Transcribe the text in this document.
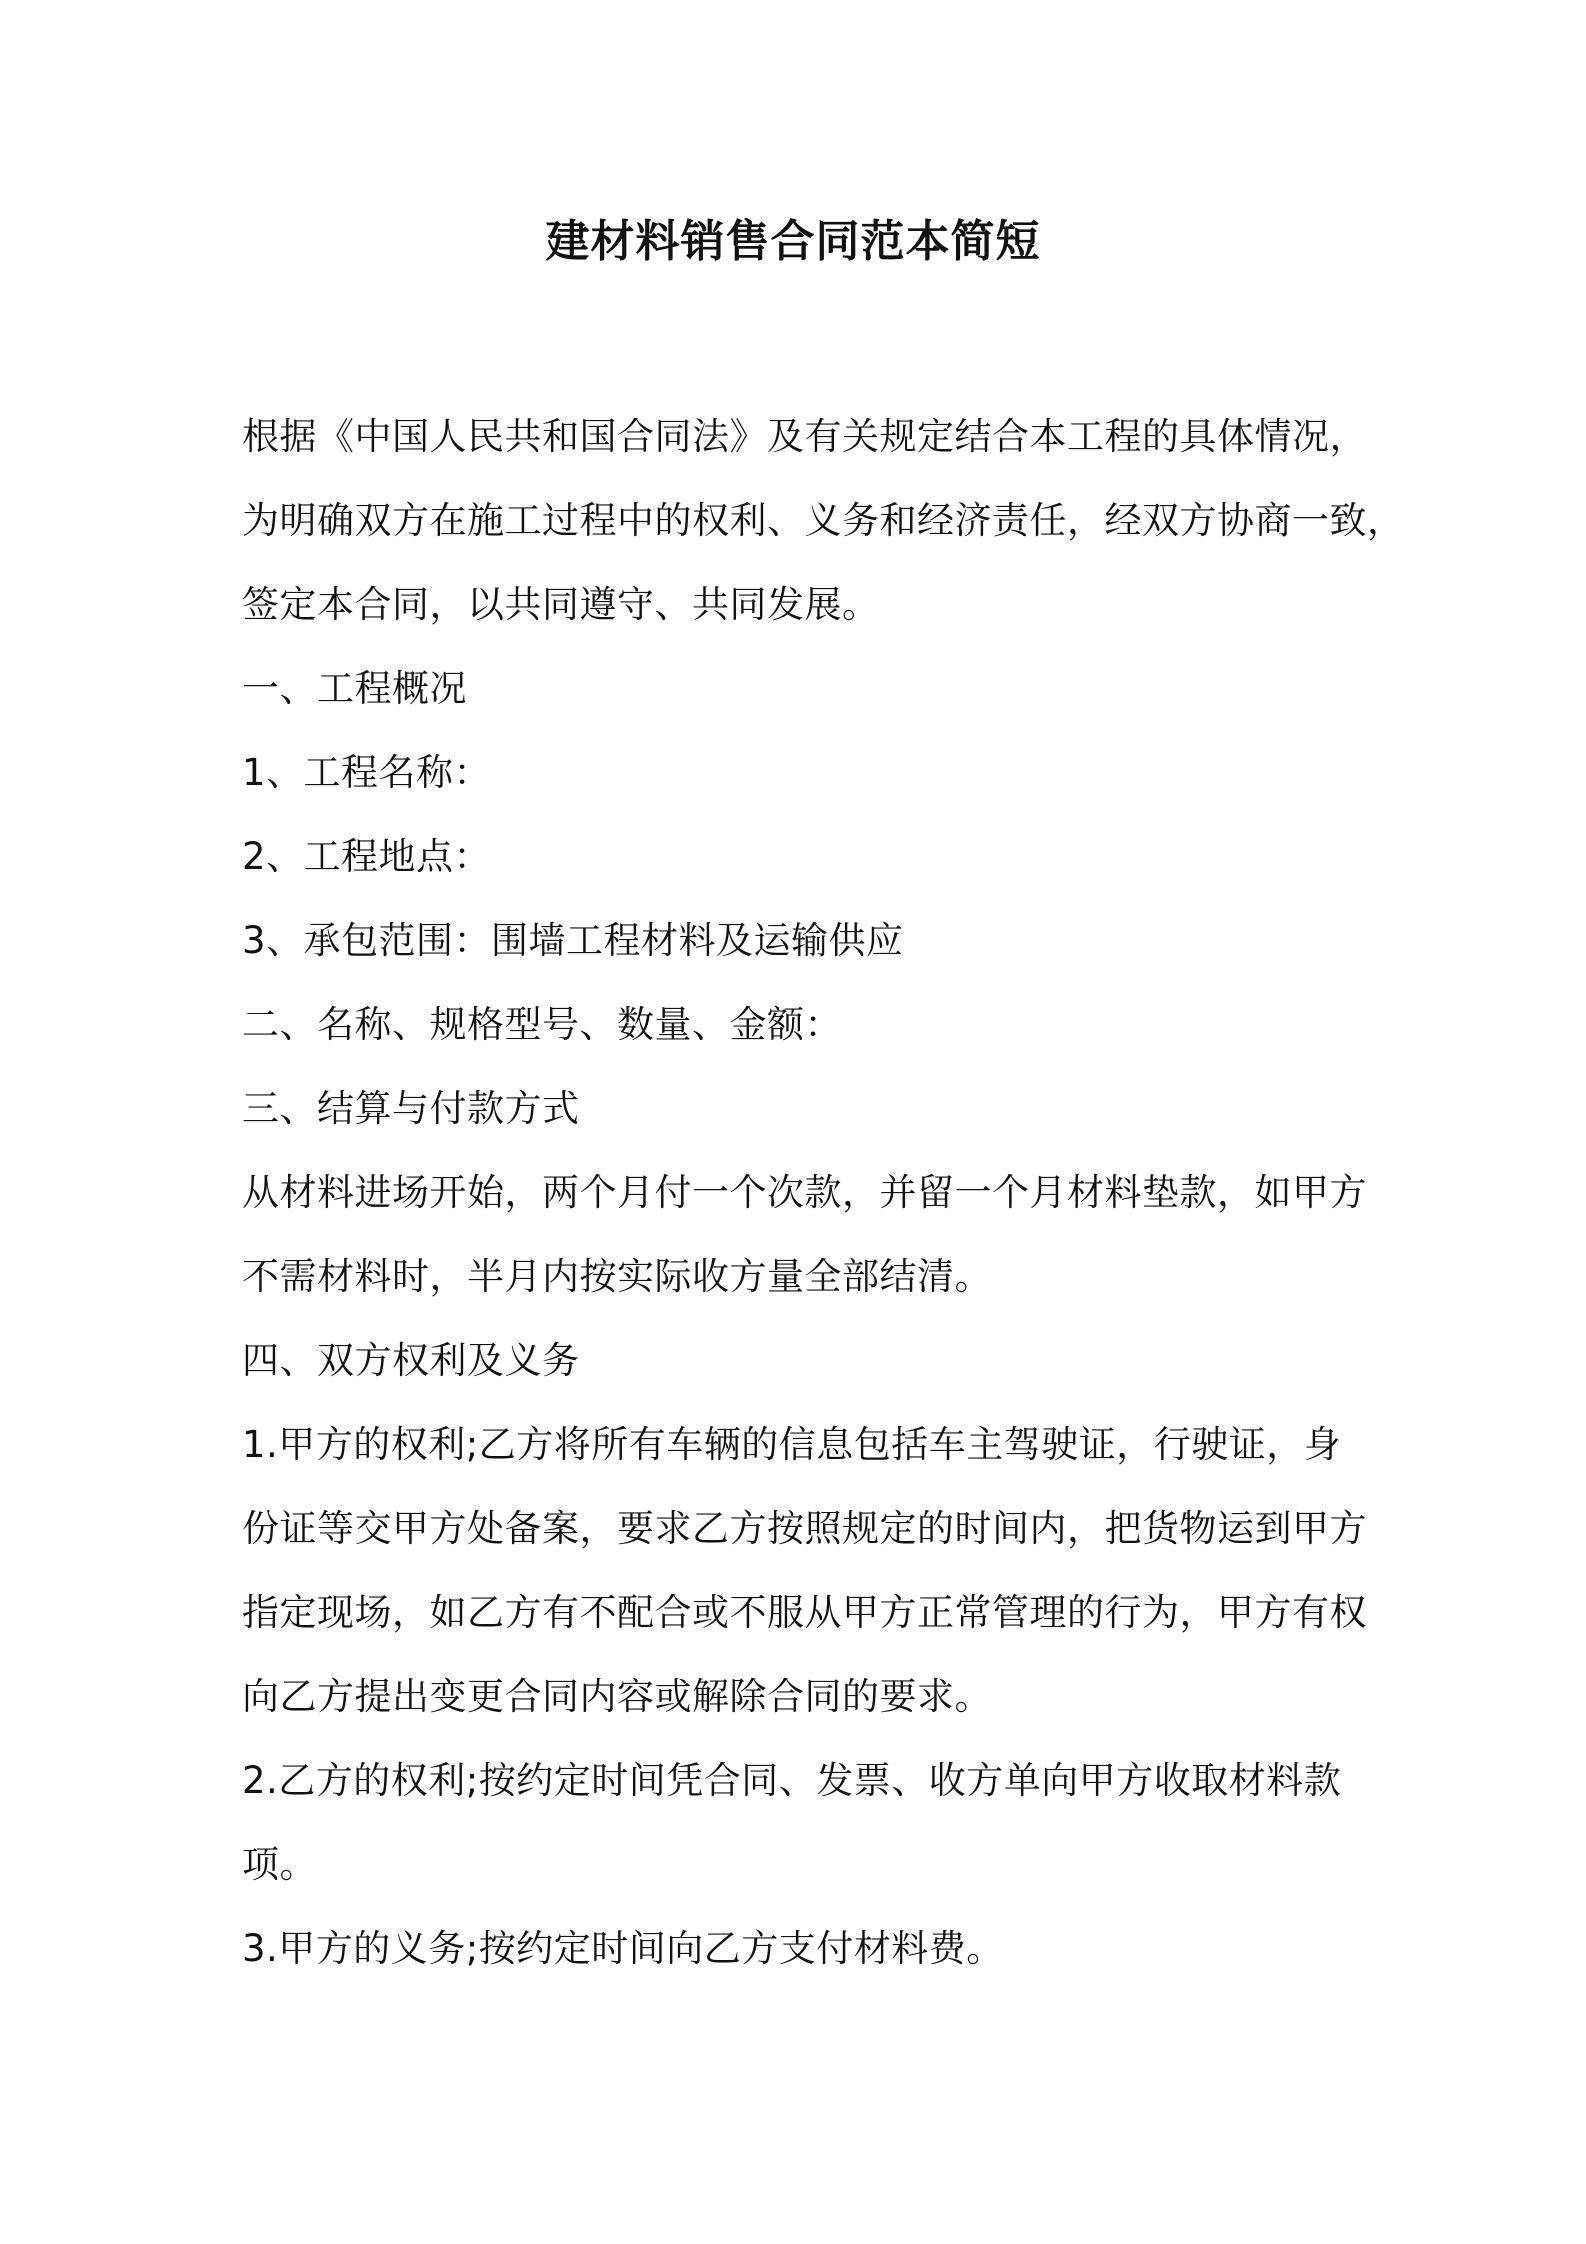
建材料销售合同范本简短
根据《中国人民共和国合同法》及有关规定结合本工程的具体情况，
为明确双方在施工过程中的权利、义务和经济责任，经双方协商一致，
签定本合同，以共同遵守、共同发展。
一、工程概况
1、工程名称：
2、工程地点：
3、承包范围：围墙工程材料及运输供应
二、名称、规格型号、数量、金额：
三、结算与付款方式
从材料进场开始，两个月付一个次款，并留一个月材料垫款，如甲方
不需材料时，半月内按实际收方量全部结清。
四、双方权利及义务
1.甲方的权利;乙方将所有车辆的信息包括车主驾驶证，行驶证，身
份证等交甲方处备案，要求乙方按照规定的时间内，把货物运到甲方
指定现场，如乙方有不配合或不服从甲方正常管理的行为，甲方有权
向乙方提出变更合同内容或解除合同的要求。
2.乙方的权利;按约定时间凭合同、发票、收方单向甲方收取材料款
项。
3.甲方的义务;按约定时间向乙方支付材料费。
